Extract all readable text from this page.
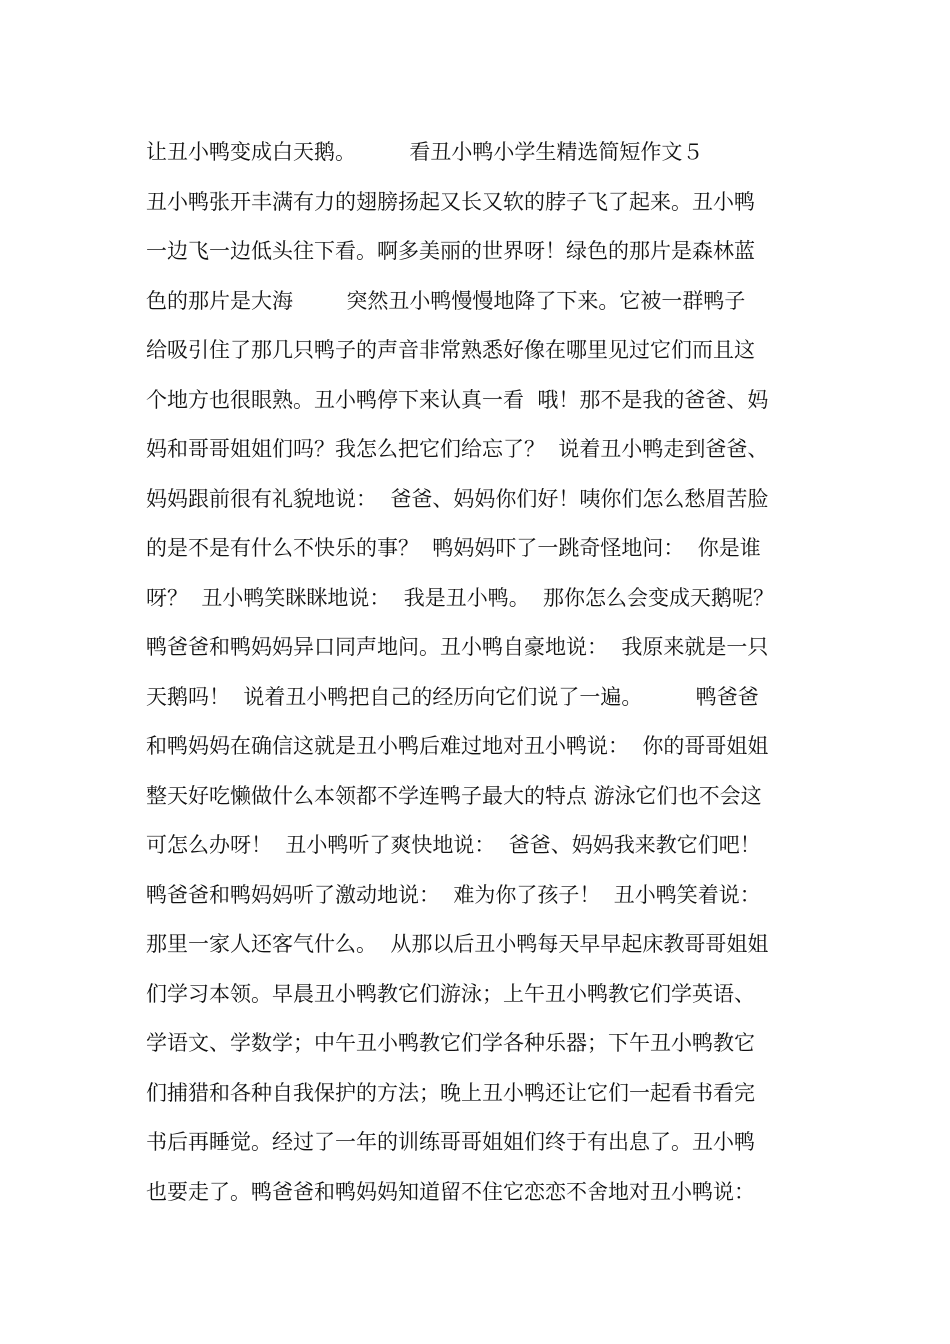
让丑小鸭变成白天鹅。        看丑小鸭小学生精选简短作文５
丑小鸭张开丰满有力的翅膀扬起又长又软的脖子飞了起来。丑小鸭
一边飞一边低头往下看。啊多美丽的世界呀！绿色的那片是森林蓝
色的那片是大海        突然丑小鸭慢慢地降了下来。它被一群鸭子
给吸引住了那几只鸭子的声音非常熟悉好像在哪里见过它们而且这
个地方也很眼熟。丑小鸭停下来认真一看  哦！那不是我的爸爸、妈
妈和哥哥姐姐们吗？我怎么把它们给忘了？  说着丑小鸭走到爸爸、
妈妈跟前很有礼貌地说：  爸爸、妈妈你们好！咦你们怎么愁眉苦脸
的是不是有什么不快乐的事？  鸭妈妈吓了一跳奇怪地问：  你是谁
呀？  丑小鸭笑眯眯地说：  我是丑小鸭。  那你怎么会变成天鹅呢？
鸭爸爸和鸭妈妈异口同声地问。丑小鸭自豪地说：  我原来就是一只
天鹅吗！  说着丑小鸭把自己的经历向它们说了一遍。        鸭爸爸
和鸭妈妈在确信这就是丑小鸭后难过地对丑小鸭说：  你的哥哥姐姐
整天好吃懒做什么本领都不学连鸭子最大的特点 游泳它们也不会这
可怎么办呀！  丑小鸭听了爽快地说：  爸爸、妈妈我来教它们吧！
鸭爸爸和鸭妈妈听了激动地说：  难为你了孩子！  丑小鸭笑着说：
那里一家人还客气什么。  从那以后丑小鸭每天早早起床教哥哥姐姐
们学习本领。早晨丑小鸭教它们游泳；上午丑小鸭教它们学英语、
学语文、学数学；中午丑小鸭教它们学各种乐器；下午丑小鸭教它
们捕猎和各种自我保护的方法；晚上丑小鸭还让它们一起看书看完
书后再睡觉。经过了一年的训练哥哥姐姐们终于有出息了。丑小鸭
也要走了。鸭爸爸和鸭妈妈知道留不住它恋恋不舍地对丑小鸭说：
